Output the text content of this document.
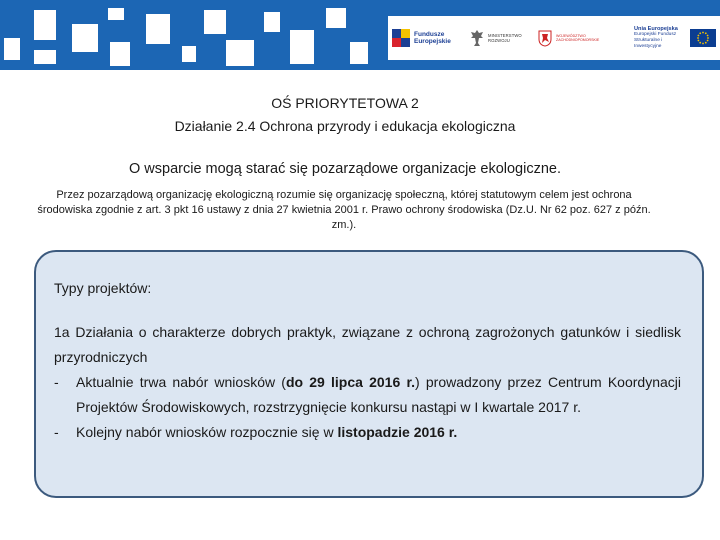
Fundusze
Europejskie
MINISTERSTWO
ROZWOJU
WOJEWÓDZTWO
ZACHODNIOPOMORSKIE
Unia Europejska
Europejski Fundusz
Strukturalne i Inwestycyjne
OŚ PRIORYTETOWA 2
Działanie 2.4 Ochrona przyrody i edukacja ekologiczna
O wsparcie mogą starać się pozarządowe organizacje ekologiczne.
Przez pozarządową organizację ekologiczną rozumie się organizację społeczną, której statutowym celem jest ochrona środowiska zgodnie z art. 3 pkt 16 ustawy z dnia 27 kwietnia 2001 r. Prawo ochrony środowiska (Dz.U. Nr 62 poz. 627 z późn. zm.).

Typy projektów:

1a Działania o charakterze dobrych praktyk, związane z ochroną zagrożonych gatunków i siedlisk przyrodniczych

-	Aktualnie trwa nabór wniosków (do 29 lipca 2016 r.) prowadzony przez Centrum Koordynacji Projektów Środowiskowych, rozstrzygnięcie konkursu nastąpi w I kwartale 2017 r.
-	Kolejny nabór wniosków rozpocznie się w listopadzie 2016 r.
